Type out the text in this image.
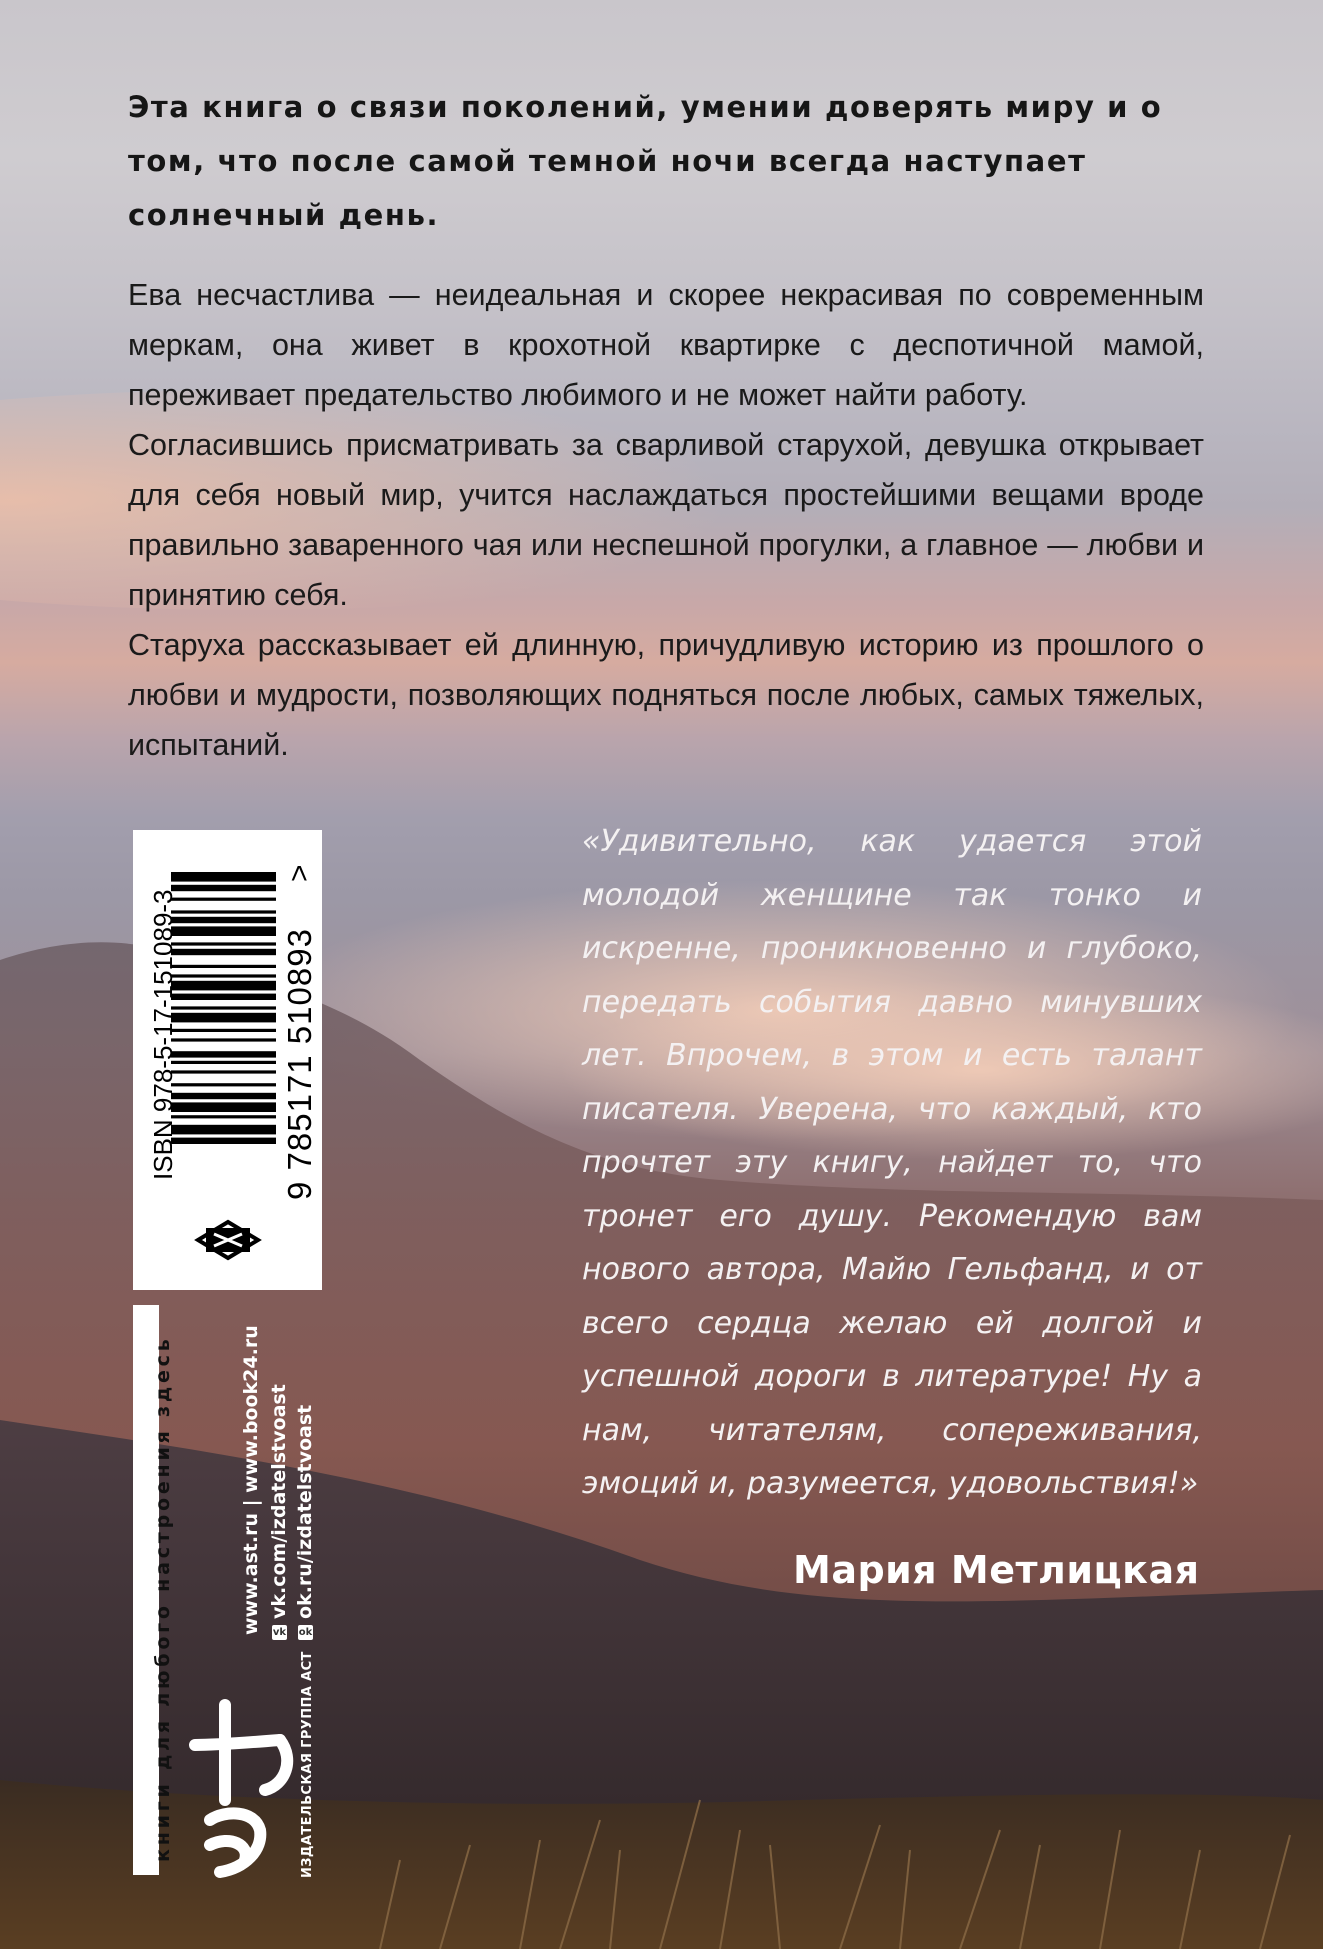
Эта книга о связи поколений, умении доверять миру и о том, что после самой темной ночи всегда наступает солнечный день.

Ева несчастлива — неидеальная и скорее некрасивая по современным меркам, она живет в крохотной квартирке с деспотичной мамой, переживает предательство любимого и не может найти работу.

Согласившись присматривать за сварливой старухой, девушка открывает для себя новый мир, учится наслаждаться простейшими вещами вроде правильно заваренного чая или неспешной прогулки, а главное — любви и принятию себя.

Старуха рассказывает ей длинную, причудливую историю из прошлого о любви и мудрости, позволяющих подняться после любых, самых тяжелых, испытаний.

«Удивительно, как удается этой молодой женщине так тонко и искренне, проникновенно и глубоко, передать события давно минувших лет. Впрочем, в этом и есть талант писателя. Уверена, что каждый, кто прочтет эту книгу, найдет то, что тронет его душу. Рекомендую вам нового автора, Майю Гельфанд, и от всего сердца желаю ей долгой и успешной дороги в литературе! Ну а нам, читателям, сопереживания, эмоций и, разумеется, удовольствия!»

Мария Метлицкая

ISBN 978-5-17-151089-3	9 785171 510893
>
книги для любого настроения здесь	www.ast.ru | www.book24.ru	vkvk.com/izdatelstvoast
okok.ru/izdatelstvoast
ИЗДАТЕЛЬСКАЯ ГРУППА АСТ
